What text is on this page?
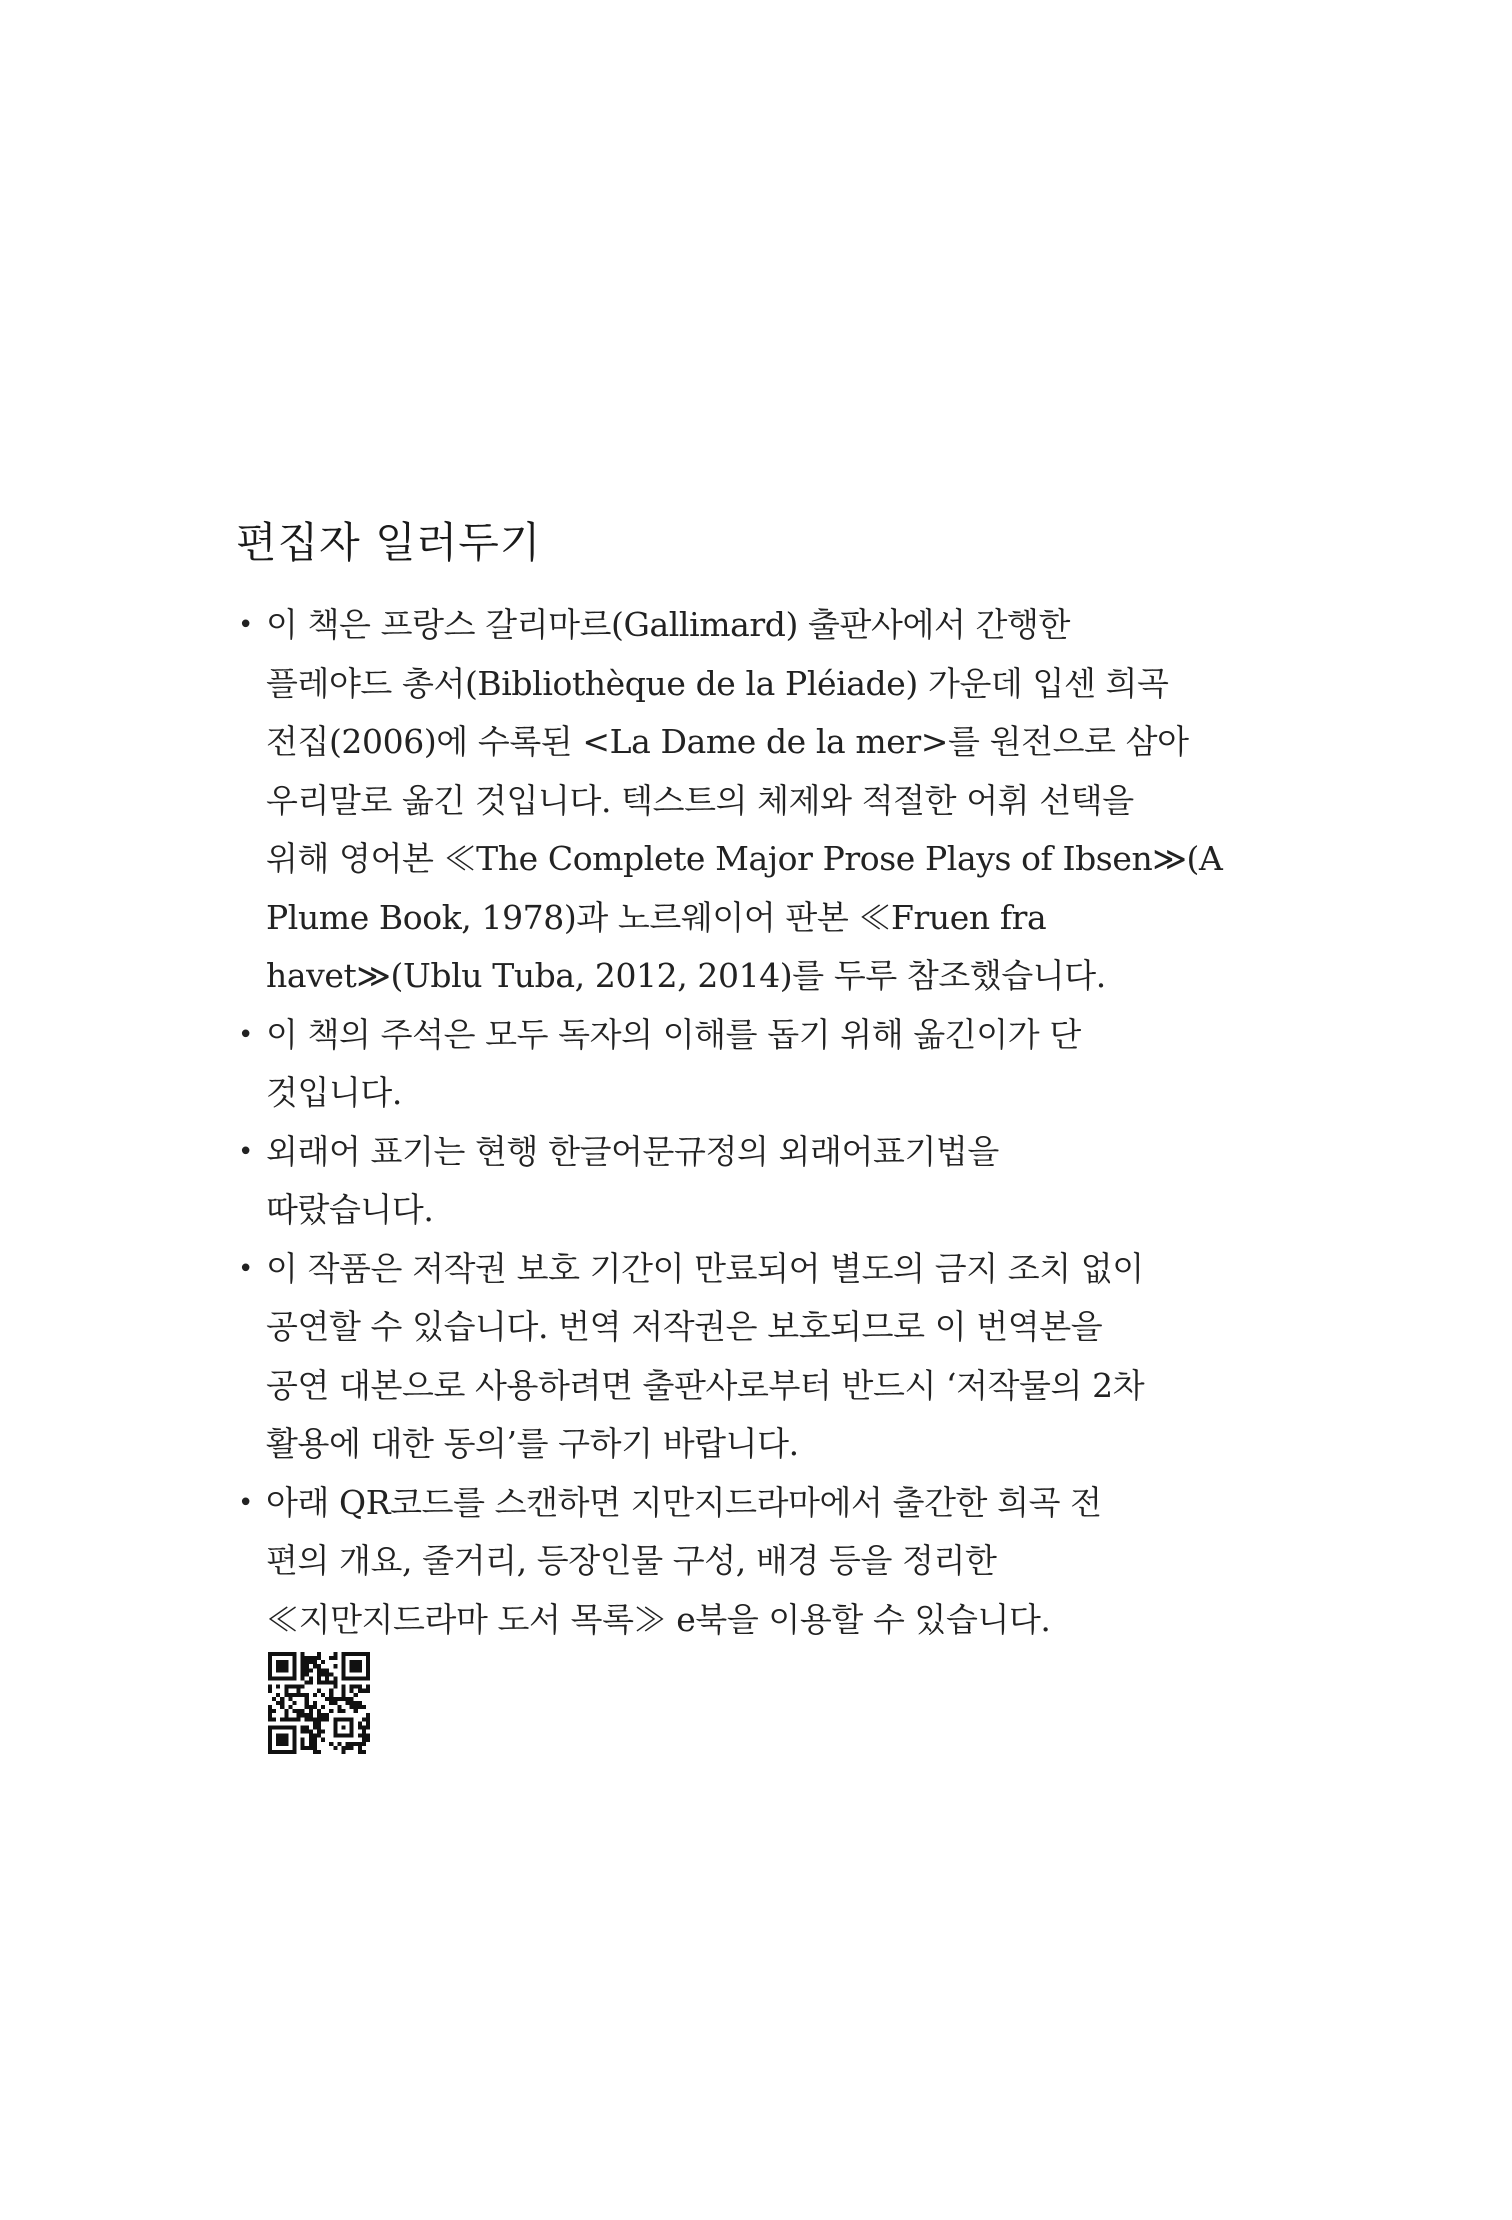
편집자 일러두기
• 이 책은 프랑스 갈리마르(Gallimard) 출판사에서 간행한
플레야드 총서(Bibliothèque de la Pléiade) 가운데 입센 희곡
전집(2006)에 수록된 <La Dame de la mer>를 원전으로 삼아
우리말로 옮긴 것입니다. 텍스트의 체제와 적절한 어휘 선택을
위해 영어본 ≪The Complete Major Prose Plays of Ibsen≫(A
Plume Book, 1978)과 노르웨이어 판본 ≪Fruen fra
havet≫(Ublu Tuba, 2012, 2014)를 두루 참조했습니다.
• 이 책의 주석은 모두 독자의 이해를 돕기 위해 옮긴이가 단
것입니다.
• 외래어 표기는 현행 한글어문규정의 외래어표기법을
따랐습니다.
• 이 작품은 저작권 보호 기간이 만료되어 별도의 금지 조치 없이
공연할 수 있습니다. 번역 저작권은 보호되므로 이 번역본을
공연 대본으로 사용하려면 출판사로부터 반드시 ‘저작물의 2차
활용에 대한 동의’를 구하기 바랍니다.
• 아래 QR코드를 스캔하면 지만지드라마에서 출간한 희곡 전
편의 개요, 줄거리, 등장인물 구성, 배경 등을 정리한
≪지만지드라마 도서 목록≫ e북을 이용할 수 있습니다.
